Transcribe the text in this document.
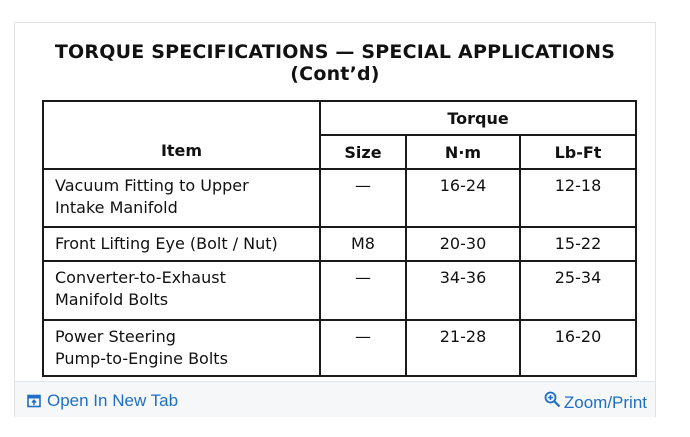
TORQUE SPECIFICATIONS — SPECIAL APPLICATIONS
(Cont’d)
Item	Torque		
	Size	N·m	Lb-Ft

Vacuum Fitting to Upper
Intake Manifold	—	16-24	12-18

Front Lifting Eye (Bolt / Nut)	M8	20-30	15-22

Converter-to-Exhaust
Manifold Bolts	—	34-36	25-34

Power Steering
Pump-to-Engine Bolts	—	21-28	16-20
Open In New Tab	Zoom/Print
